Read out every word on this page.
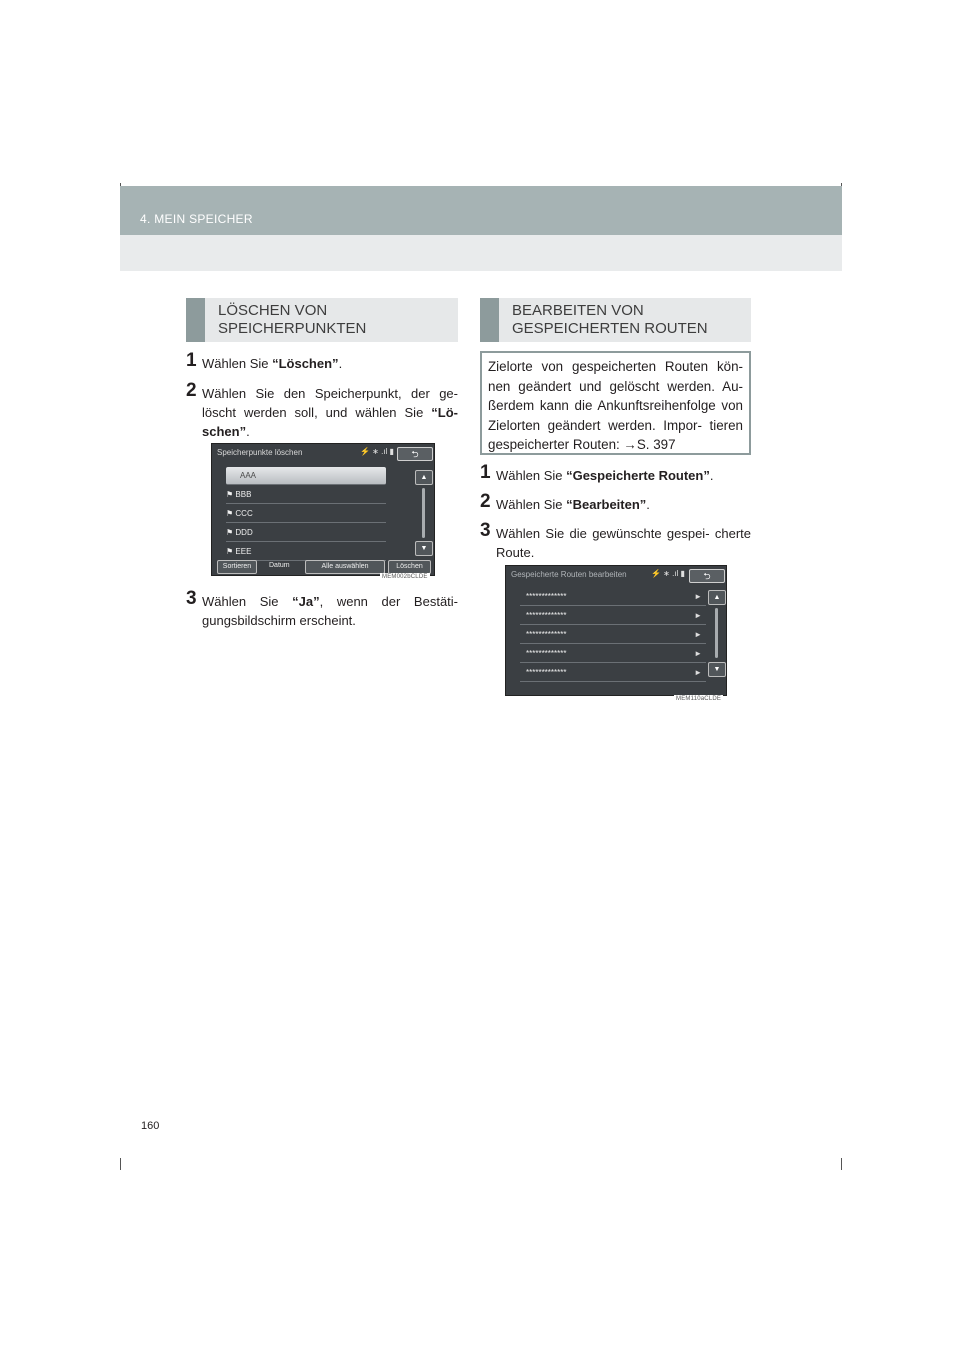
4. MEIN SPEICHER
LÖSCHEN VON
SPEICHERPUNKTEN
1 Wählen Sie “Löschen”.
2 Wählen Sie den Speicherpunkt, der ge- löscht werden soll, und wählen Sie “Lö- schen”.
Speicherpunkte löschen	⚡ ∗ .ıl ▮	⮌
AAA
⚑ BBB
⚑ CCC
⚑ DDD
⚑ EEE
▲
▼
Sortieren	Datum	Alle auswählen	Löschen
MEM002bCLDE
3 Wählen Sie “Ja”, wenn der Bestäti- gungsbildschirm erscheint.
BEARBEITEN VON
GESPEICHERTEN ROUTEN
Zielorte von gespeicherten Routen kön- nen geändert und gelöscht werden. Au- ßerdem kann die Ankunftsreihenfolge von Zielorten geändert werden. Impor- tieren gespeicherter Routen: →S. 397
1 Wählen Sie “Gespeicherte Routen”.
2 Wählen Sie “Bearbeiten”.
3 Wählen Sie die gewünschte gespei- cherte Route.
Gespeicherte Routen bearbeiten	⚡ ∗ .ıl ▮	⮌
*************	►
*************	►
*************	►
*************	►
*************	►
▲
▼
MEM110aCLDE
160
